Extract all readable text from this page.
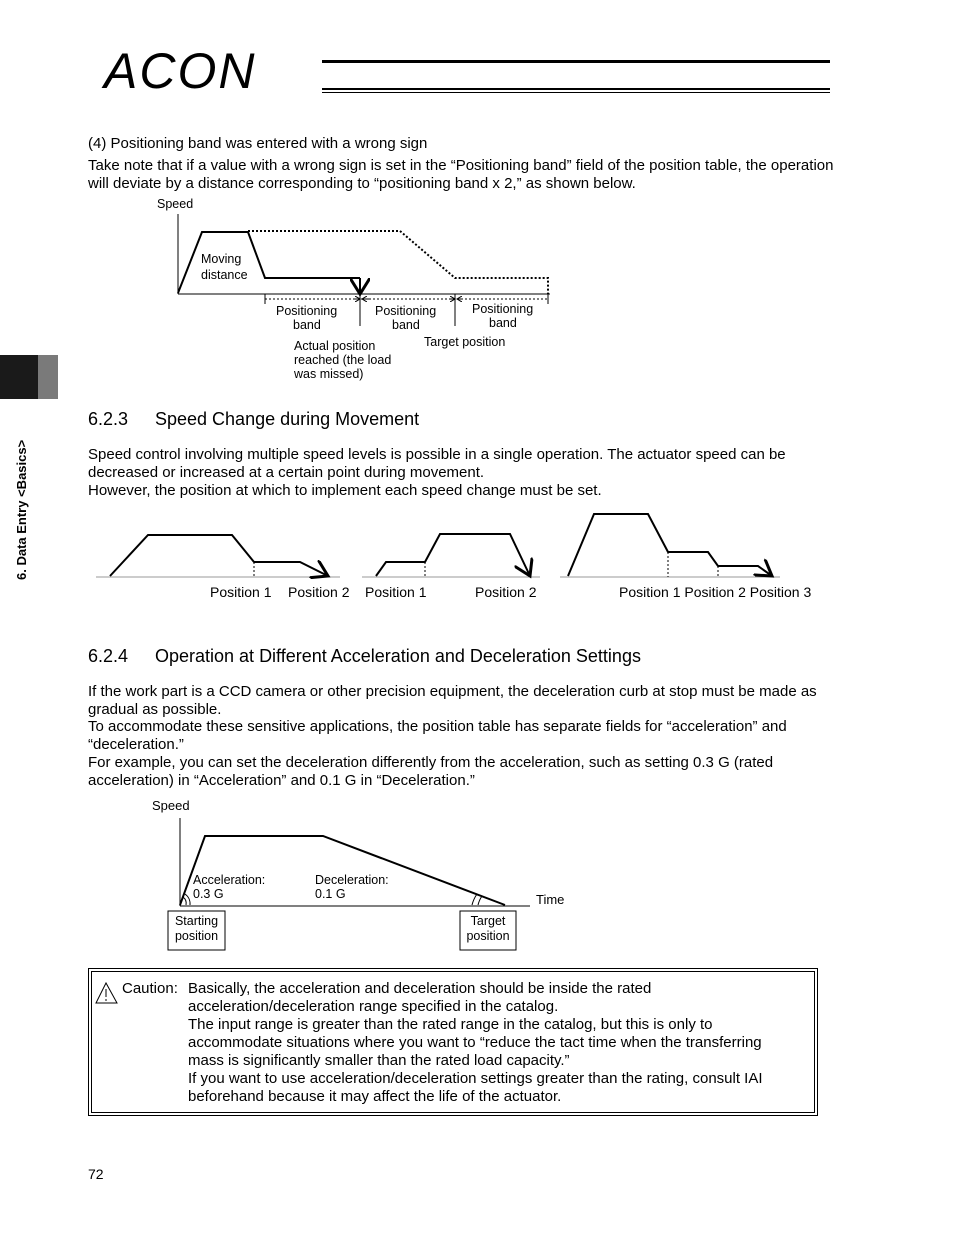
ACON
6. Data Entry <Basics>
(4) Positioning band was entered with a wrong sign
Take note that if a value with a wrong sign is set in the “Positioning band” field of the position table, the operation
will deviate by a distance corresponding to “positioning band x 2,” as shown below.
Speed
Moving
distance
Positioning
band
Positioning
band
Positioning
band
Actual position
reached (the load
was missed)
Target position
6.2.3 Speed Change during Movement
Speed control involving multiple speed levels is possible in a single operation. The actuator speed can be
decreased or increased at a certain point during movement.
However, the position at which to implement each speed change must be set.
Position 1 Position 2 Position 1	Position 2	Position 1 Position 2 Position 3
6.2.4 Operation at Different Acceleration and Deceleration Settings
If the work part is a CCD camera or other precision equipment, the deceleration curb at stop must be made as
gradual as possible.
To accommodate these sensitive applications, the position table has separate fields for “acceleration” and
“deceleration.”
For example, you can set the deceleration differently from the acceleration, such as setting 0.3 G (rated
acceleration) in “Acceleration” and 0.1 G in “Deceleration.”
Speed
Time
Acceleration:
0.3 G
Deceleration:
0.1 G
Starting
position
Target
position
Caution: Basically, the acceleration and deceleration should be inside the rated
acceleration/deceleration range specified in the catalog.
The input range is greater than the rated range in the catalog, but this is only to
accommodate situations where you want to “reduce the tact time when the transferring
mass is significantly smaller than the rated load capacity.”
If you want to use acceleration/deceleration settings greater than the rating, consult IAI
beforehand because it may affect the life of the actuator.
72
